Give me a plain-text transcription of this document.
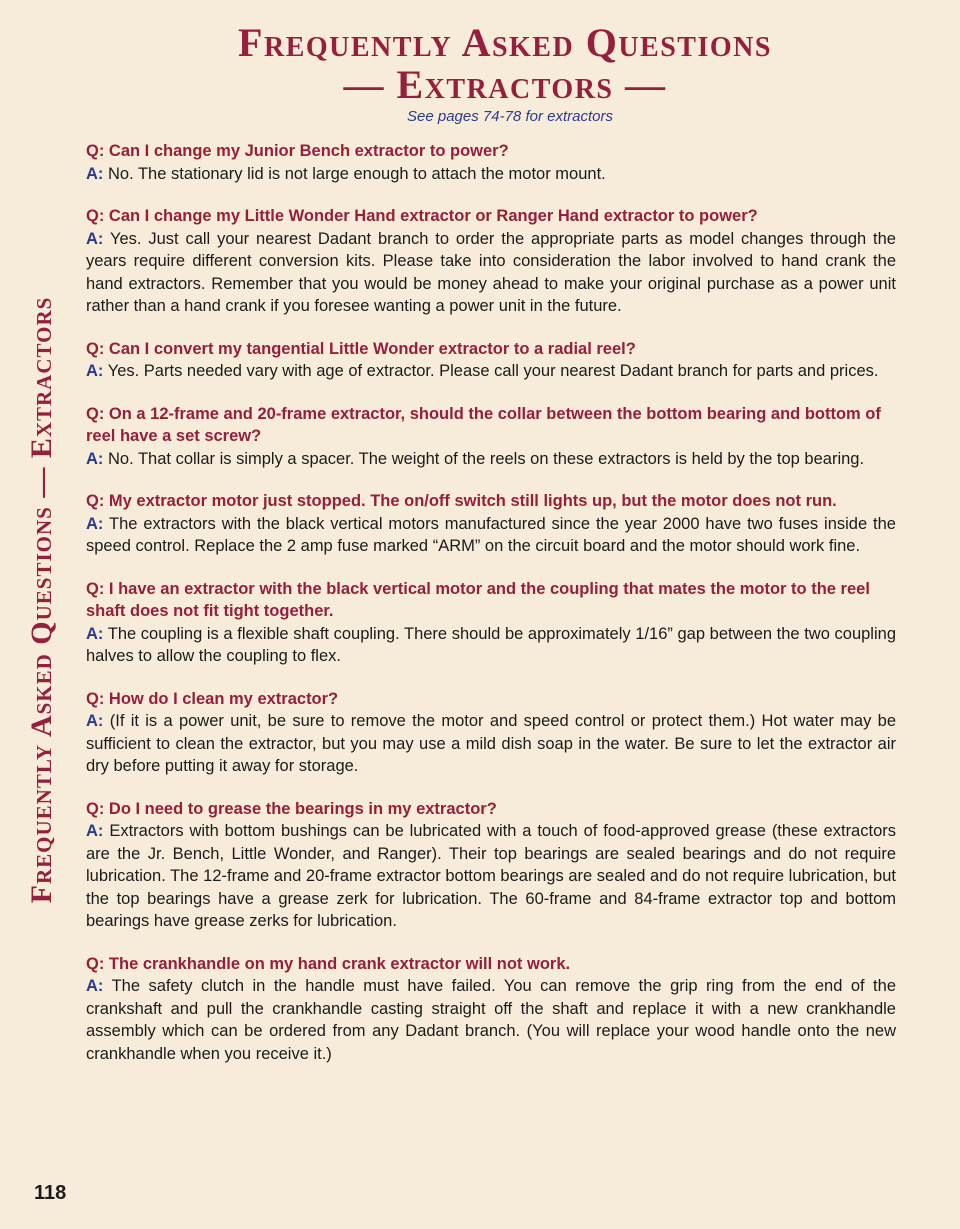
Frequently Asked Questions
— Extractors —
See pages 74-78 for extractors
Frequently Asked Questions — Extractors
Q: Can I change my Junior Bench extractor to power?
A: No. The stationary lid is not large enough to attach the motor mount.
Q: Can I change my Little Wonder Hand extractor or Ranger Hand extractor to power?
A: Yes. Just call your nearest Dadant branch to order the appropriate parts as model changes through the years require different conversion kits. Please take into consideration the labor involved to hand crank the hand extractors. Remember that you would be money ahead to make your original purchase as a power unit rather than a hand crank if you foresee wanting a power unit in the future.
Q: Can I convert my tangential Little Wonder extractor to a radial reel?
A: Yes. Parts needed vary with age of extractor. Please call your nearest Dadant branch for parts and prices.
Q: On a 12-frame and 20-frame extractor, should the collar between the bottom bearing and bottom of reel have a set screw?
A: No. That collar is simply a spacer. The weight of the reels on these extractors is held by the top bearing.
Q: My extractor motor just stopped. The on/off switch still lights up, but the motor does not run.
A: The extractors with the black vertical motors manufactured since the year 2000 have two fuses inside the speed control. Replace the 2 amp fuse marked “ARM” on the circuit board and the motor should work fine.
Q: I have an extractor with the black vertical motor and the coupling that mates the motor to the reel shaft does not fit tight together.
A: The coupling is a flexible shaft coupling. There should be approximately 1/16” gap between the two coupling halves to allow the coupling to flex.
Q: How do I clean my extractor?
A: (If it is a power unit, be sure to remove the motor and speed control or protect them.) Hot water may be sufficient to clean the extractor, but you may use a mild dish soap in the water. Be sure to let the extractor air dry before putting it away for storage.
Q: Do I need to grease the bearings in my extractor?
A: Extractors with bottom bushings can be lubricated with a touch of food-approved grease (these extractors are the Jr. Bench, Little Wonder, and Ranger). Their top bearings are sealed bearings and do not require lubrication. The 12-frame and 20-frame extractor bottom bearings are sealed and do not require lubrication, but the top bearings have a grease zerk for lubrication. The 60-frame and 84-frame extractor top and bottom bearings have grease zerks for lubrication.
Q: The crankhandle on my hand crank extractor will not work.
A: The safety clutch in the handle must have failed. You can remove the grip ring from the end of the crankshaft and pull the crankhandle casting straight off the shaft and replace it with a new crankhandle assembly which can be ordered from any Dadant branch. (You will replace your wood handle onto the new crankhandle when you receive it.)
118
